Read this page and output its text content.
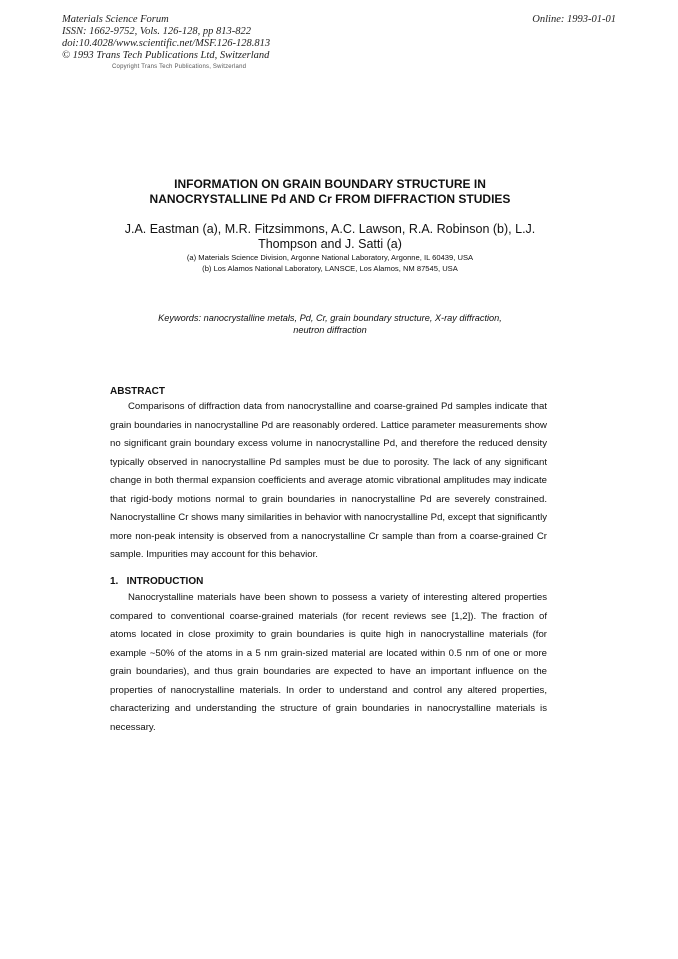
Materials Science Forum
ISSN: 1662-9752, Vols. 126-128, pp 813-822
doi:10.4028/www.scientific.net/MSF.126-128.813
© 1993 Trans Tech Publications Ltd, Switzerland
Online: 1993-01-01
Copyright Trans Tech Publications, Switzerland
INFORMATION ON GRAIN BOUNDARY STRUCTURE IN
NANOCRYSTALLINE Pd AND Cr FROM DIFFRACTION STUDIES
J.A. Eastman (a), M.R. Fitzsimmons, A.C. Lawson, R.A. Robinson (b), L.J.
Thompson and J. Satti (a)
(a) Materials Science Division, Argonne National Laboratory, Argonne, IL 60439, USA
(b) Los Alamos National Laboratory, LANSCE, Los Alamos, NM 87545, USA
Keywords: nanocrystalline metals, Pd, Cr, grain boundary structure, X-ray diffraction,
neutron diffraction
ABSTRACT
Comparisons of diffraction data from nanocrystalline and coarse-grained Pd samples indicate that grain boundaries in nanocrystalline Pd are reasonably ordered. Lattice parameter measurements show no significant grain boundary excess volume in nanocrystalline Pd, and therefore the reduced density typically observed in nanocrystalline Pd samples must be due to porosity. The lack of any significant change in both thermal expansion coefficients and average atomic vibrational amplitudes may indicate that rigid-body motions normal to grain boundaries in nanocrystalline Pd are severely constrained. Nanocrystalline Cr shows many similarities in behavior with nanocrystalline Pd, except that significantly more non-peak intensity is observed from a nanocrystalline Cr sample than from a coarse-grained Cr sample. Impurities may account for this behavior.
1.   INTRODUCTION
Nanocrystalline materials have been shown to possess a variety of interesting altered properties compared to conventional coarse-grained materials (for recent reviews see [1,2]). The fraction of atoms located in close proximity to grain boundaries is quite high in nanocrystalline materials (for example ~50% of the atoms in a 5 nm grain-sized material are located within 0.5 nm of one or more grain boundaries), and thus grain boundaries are expected to have an important influence on the properties of nanocrystalline materials. In order to understand and control any altered properties, characterizing and understanding the structure of grain boundaries in nanocrystalline materials is necessary.
